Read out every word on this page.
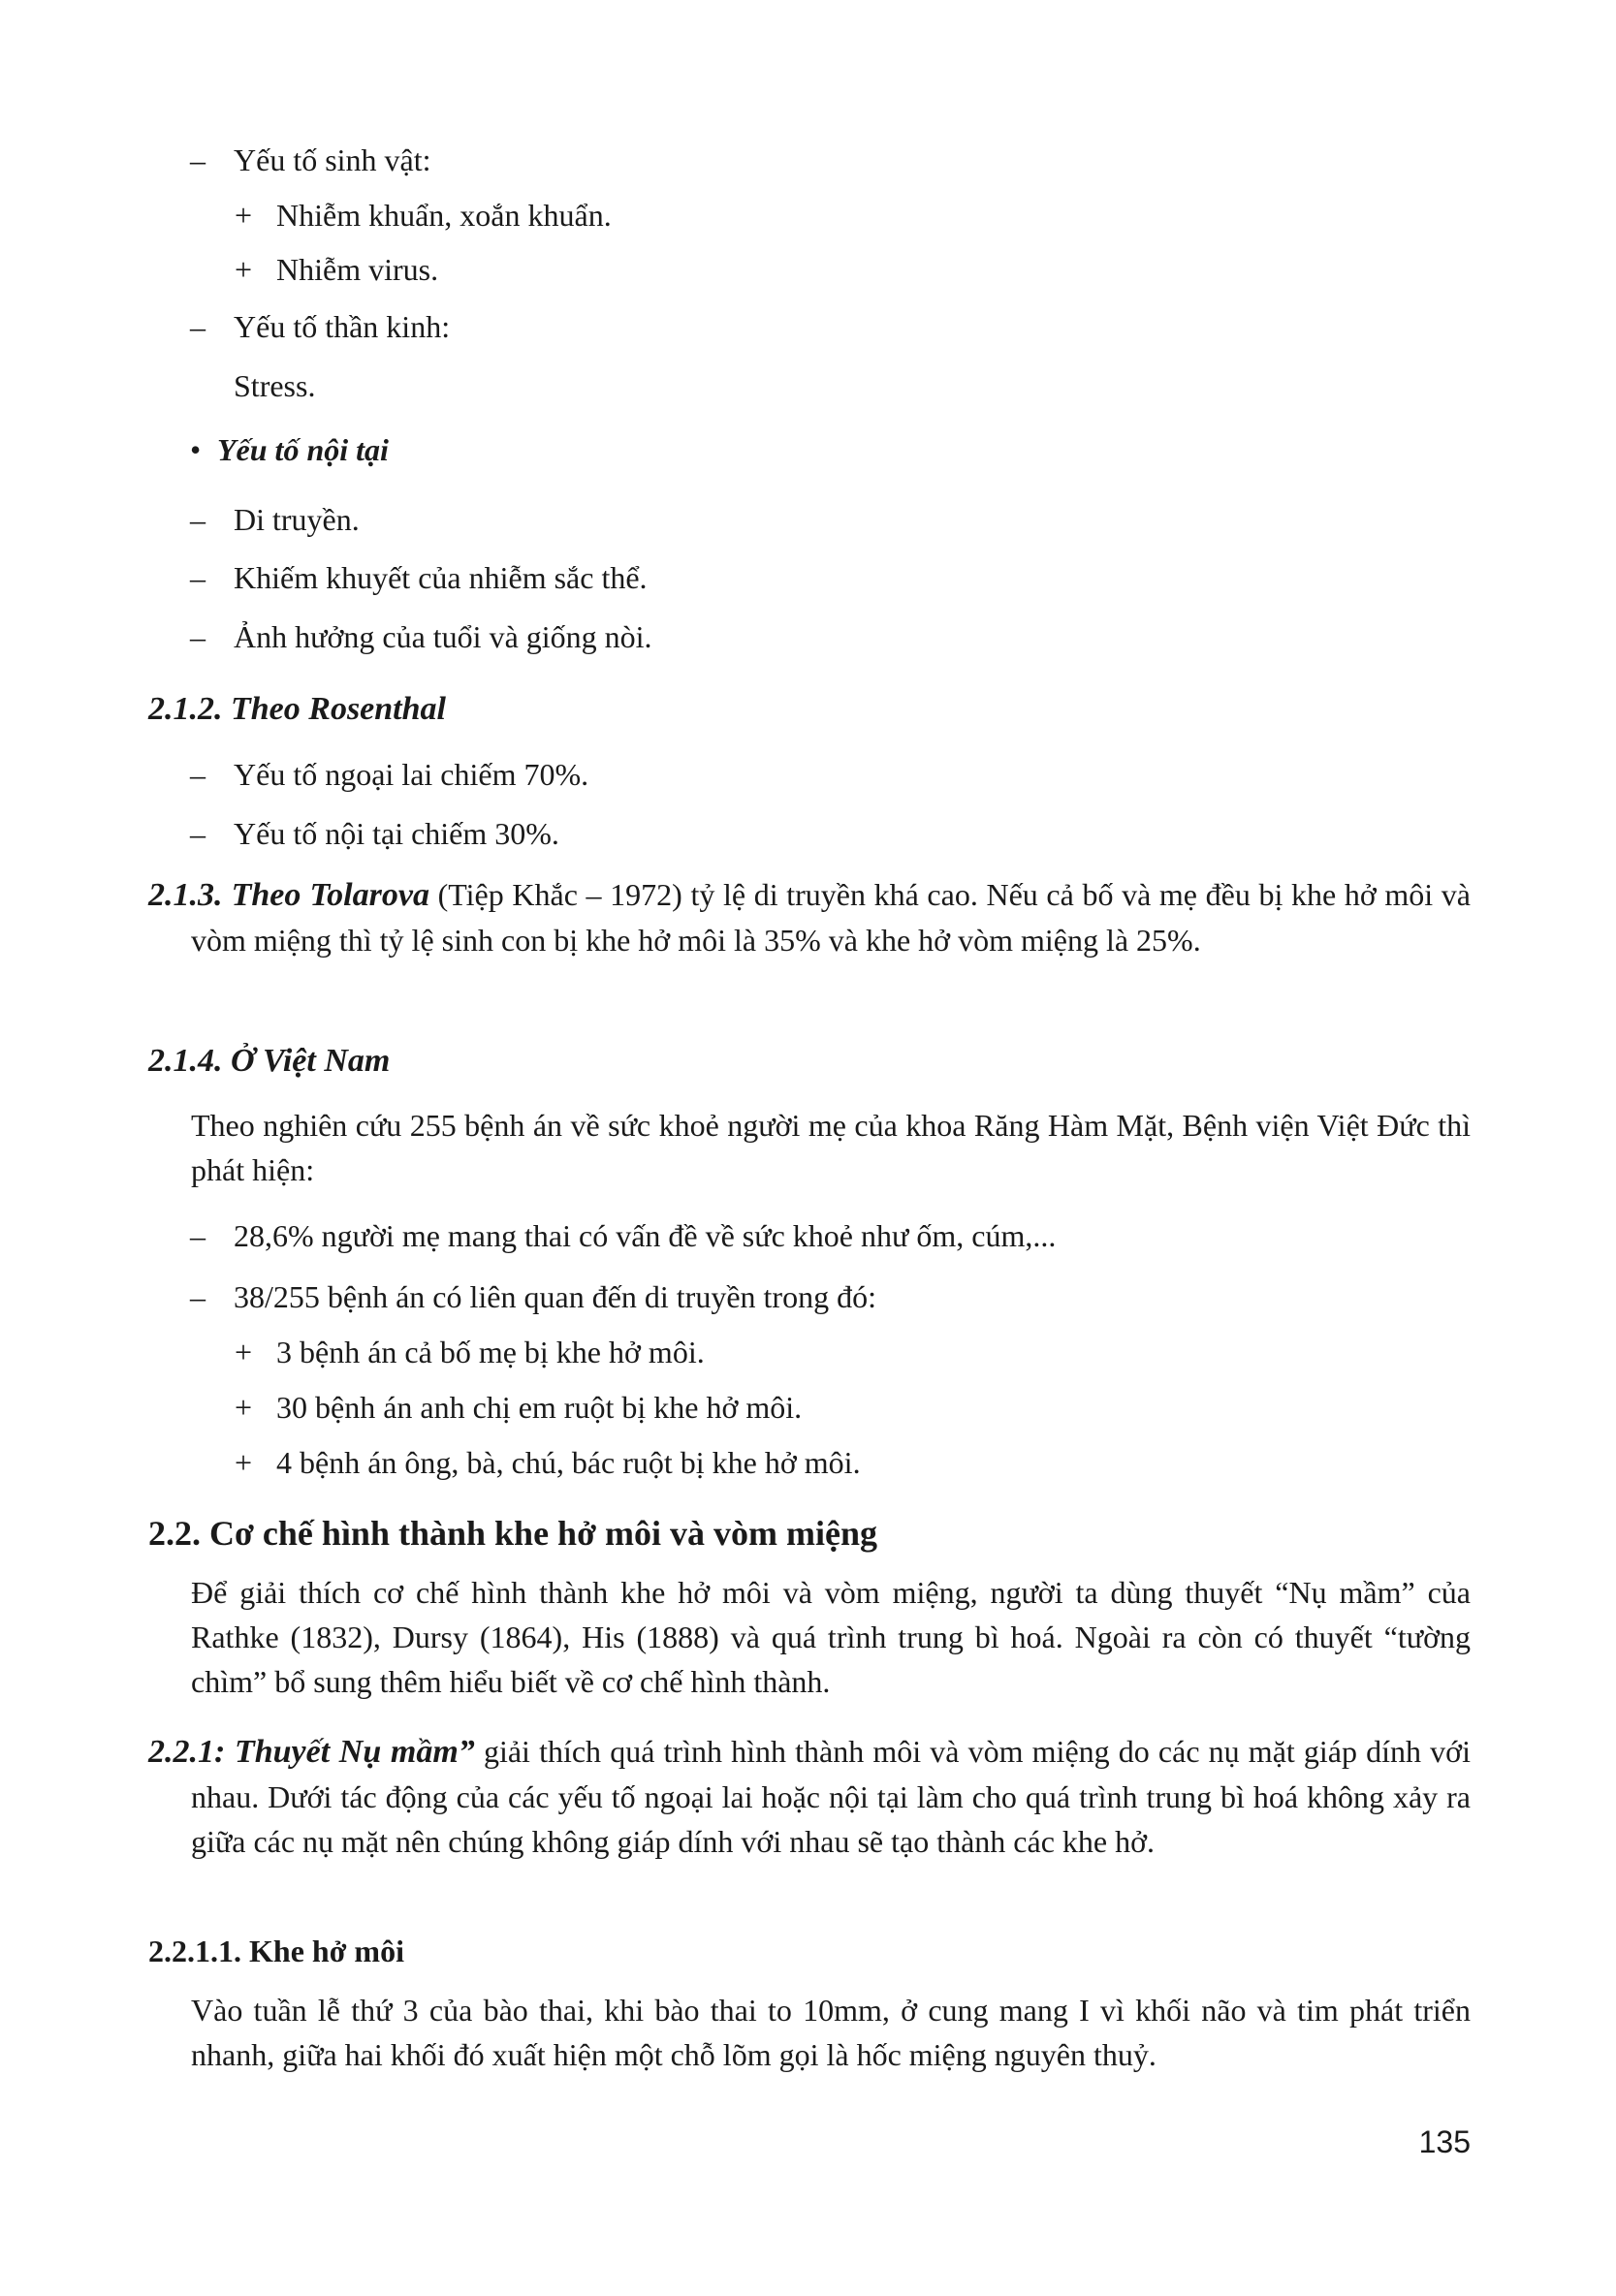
– Yếu tố sinh vật:
+ Nhiễm khuẩn, xoắn khuẩn.
+ Nhiễm virus.
– Yếu tố thần kinh:
Stress.
• Yếu tố nội tại
– Di truyền.
– Khiếm khuyết của nhiễm sắc thể.
– Ảnh hưởng của tuổi và giống nòi.
2.1.2. Theo Rosenthal
– Yếu tố ngoại lai chiếm 70%.
– Yếu tố nội tại chiếm 30%.
2.1.3. Theo Tolarova (Tiệp Khắc – 1972) tỷ lệ di truyền khá cao. Nếu cả bố và mẹ đều bị khe hở môi và vòm miệng thì tỷ lệ sinh con bị khe hở môi là 35% và khe hở vòm miệng là 25%.
2.1.4. Ở Việt Nam
Theo nghiên cứu 255 bệnh án về sức khoẻ người mẹ của khoa Răng Hàm Mặt, Bệnh viện Việt Đức thì phát hiện:
– 28,6% người mẹ mang thai có vấn đề về sức khoẻ như ốm, cúm,...
– 38/255 bệnh án có liên quan đến di truyền trong đó:
+ 3 bệnh án cả bố mẹ bị khe hở môi.
+ 30 bệnh án anh chị em ruột bị khe hở môi.
+ 4 bệnh án ông, bà, chú, bác ruột bị khe hở môi.
2.2. Cơ chế hình thành khe hở môi và vòm miệng
Để giải thích cơ chế hình thành khe hở môi và vòm miệng, người ta dùng thuyết “Nụ mầm” của Rathke (1832), Dursy (1864), His (1888) và quá trình trung bì hoá. Ngoài ra còn có thuyết “tường chìm” bổ sung thêm hiểu biết về cơ chế hình thành.
2.2.1: Thuyết Nụ mầm” giải thích quá trình hình thành môi và vòm miệng do các nụ mặt giáp dính với nhau. Dưới tác động của các yếu tố ngoại lai hoặc nội tại làm cho quá trình trung bì hoá không xảy ra giữa các nụ mặt nên chúng không giáp dính với nhau sẽ tạo thành các khe hở.
2.2.1.1. Khe hở môi
Vào tuần lễ thứ 3 của bào thai, khi bào thai to 10mm, ở cung mang I vì khối não và tim phát triển nhanh, giữa hai khối đó xuất hiện một chỗ lõm gọi là hốc miệng nguyên thuỷ.
135
